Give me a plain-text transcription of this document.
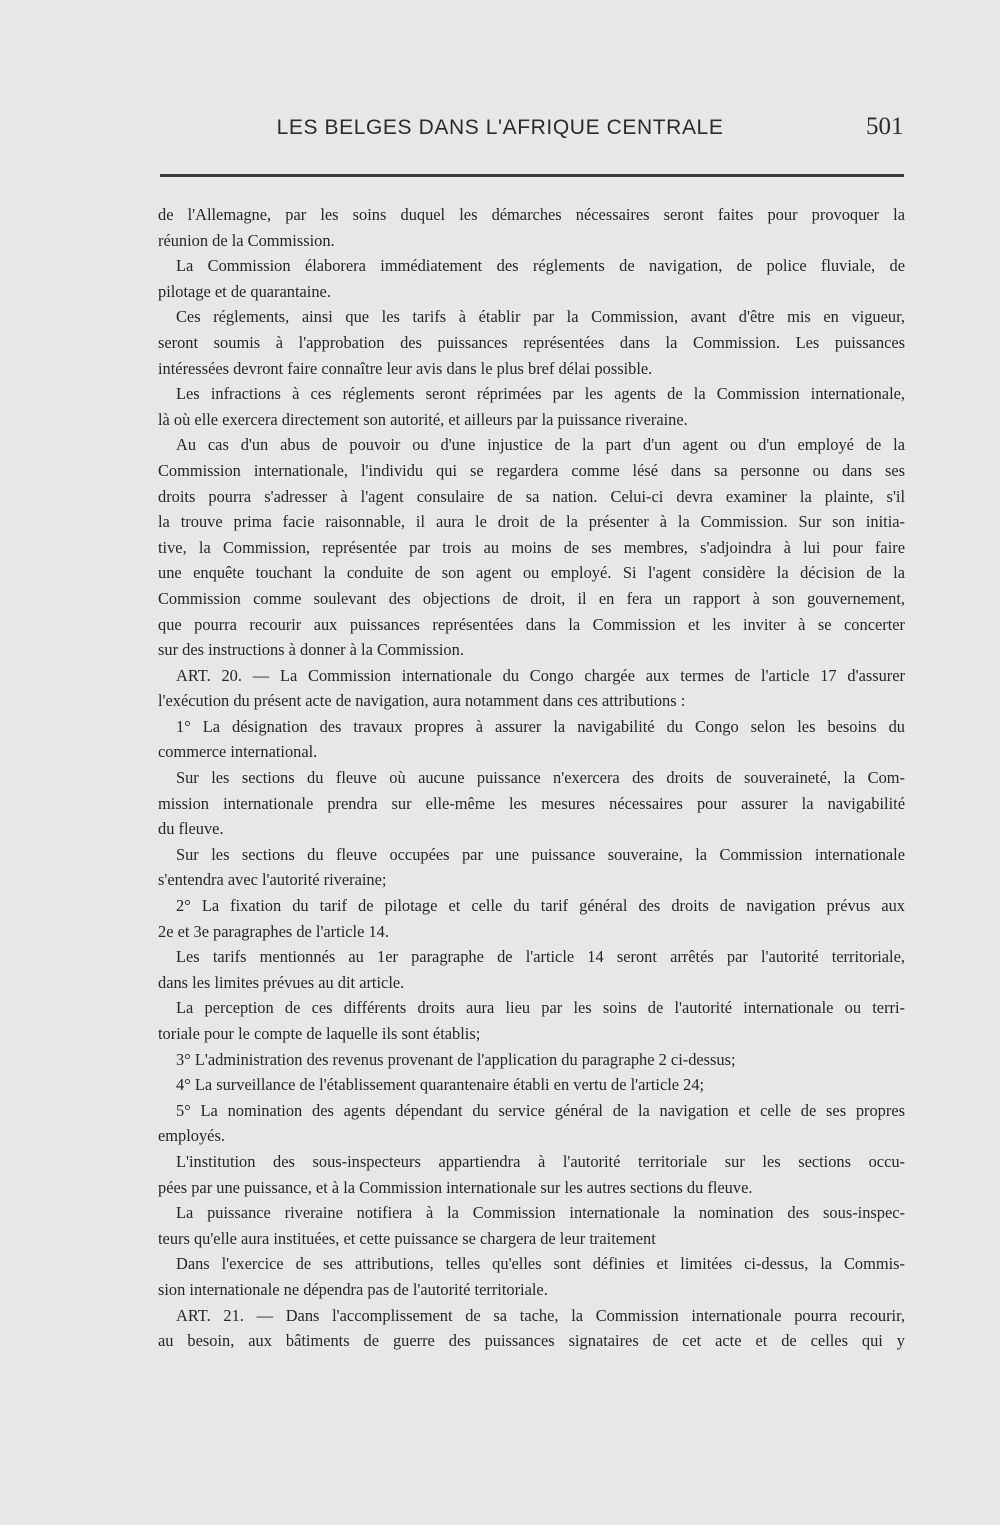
LES BELGES DANS L'AFRIQUE CENTRALE	501
de l'Allemagne, par les soins duquel les démarches nécessaires seront faites pour provoquer la
réunion de la Commission.
La Commission élaborera immédiatement des réglements de navigation, de police fluviale, de
pilotage et de quarantaine.
Ces réglements, ainsi que les tarifs à établir par la Commission, avant d'être mis en vigueur,
seront soumis à l'approbation des puissances représentées dans la Commission. Les puissances
intéressées devront faire connaître leur avis dans le plus bref délai possible.
Les infractions à ces réglements seront réprimées par les agents de la Commission internationale,
là où elle exercera directement son autorité, et ailleurs par la puissance riveraine.
Au cas d'un abus de pouvoir ou d'une injustice de la part d'un agent ou d'un employé de la
Commission internationale, l'individu qui se regardera comme lésé dans sa personne ou dans ses
droits pourra s'adresser à l'agent consulaire de sa nation. Celui-ci devra examiner la plainte, s'il
la trouve prima facie raisonnable, il aura le droit de la présenter à la Commission. Sur son initia-
tive, la Commission, représentée par trois au moins de ses membres, s'adjoindra à lui pour faire
une enquête touchant la conduite de son agent ou employé. Si l'agent considère la décision de la
Commission comme soulevant des objections de droit, il en fera un rapport à son gouvernement,
que pourra recourir aux puissances représentées dans la Commission et les inviter à se concerter
sur des instructions à donner à la Commission.
ART. 20. — La Commission internationale du Congo chargée aux termes de l'article 17 d'assurer
l'exécution du présent acte de navigation, aura notamment dans ces attributions :
1° La désignation des travaux propres à assurer la navigabilité du Congo selon les besoins du
commerce international.
Sur les sections du fleuve où aucune puissance n'exercera des droits de souveraineté, la Com-
mission internationale prendra sur elle-même les mesures nécessaires pour assurer la navigabilité
du fleuve.
Sur les sections du fleuve occupées par une puissance souveraine, la Commission internationale
s'entendra avec l'autorité riveraine;
2° La fixation du tarif de pilotage et celle du tarif général des droits de navigation prévus aux
2e et 3e paragraphes de l'article 14.
Les tarifs mentionnés au 1er paragraphe de l'article 14 seront arrêtés par l'autorité territoriale,
dans les limites prévues au dit article.
La perception de ces différents droits aura lieu par les soins de l'autorité internationale ou terri-
toriale pour le compte de laquelle ils sont établis;
3° L'administration des revenus provenant de l'application du paragraphe 2 ci-dessus;
4° La surveillance de l'établissement quarantenaire établi en vertu de l'article 24;
5° La nomination des agents dépendant du service général de la navigation et celle de ses propres
employés.
L'institution des sous-inspecteurs appartiendra à l'autorité territoriale sur les sections occu-
pées par une puissance, et à la Commission internationale sur les autres sections du fleuve.
La puissance riveraine notifiera à la Commission internationale la nomination des sous-inspec-
teurs qu'elle aura instituées, et cette puissance se chargera de leur traitement
Dans l'exercice de ses attributions, telles qu'elles sont définies et limitées ci-dessus, la Commis-
sion internationale ne dépendra pas de l'autorité territoriale.
ART. 21. — Dans l'accomplissement de sa tache, la Commission internationale pourra recourir,
au besoin, aux bâtiments de guerre des puissances signataires de cet acte et de celles qui y
